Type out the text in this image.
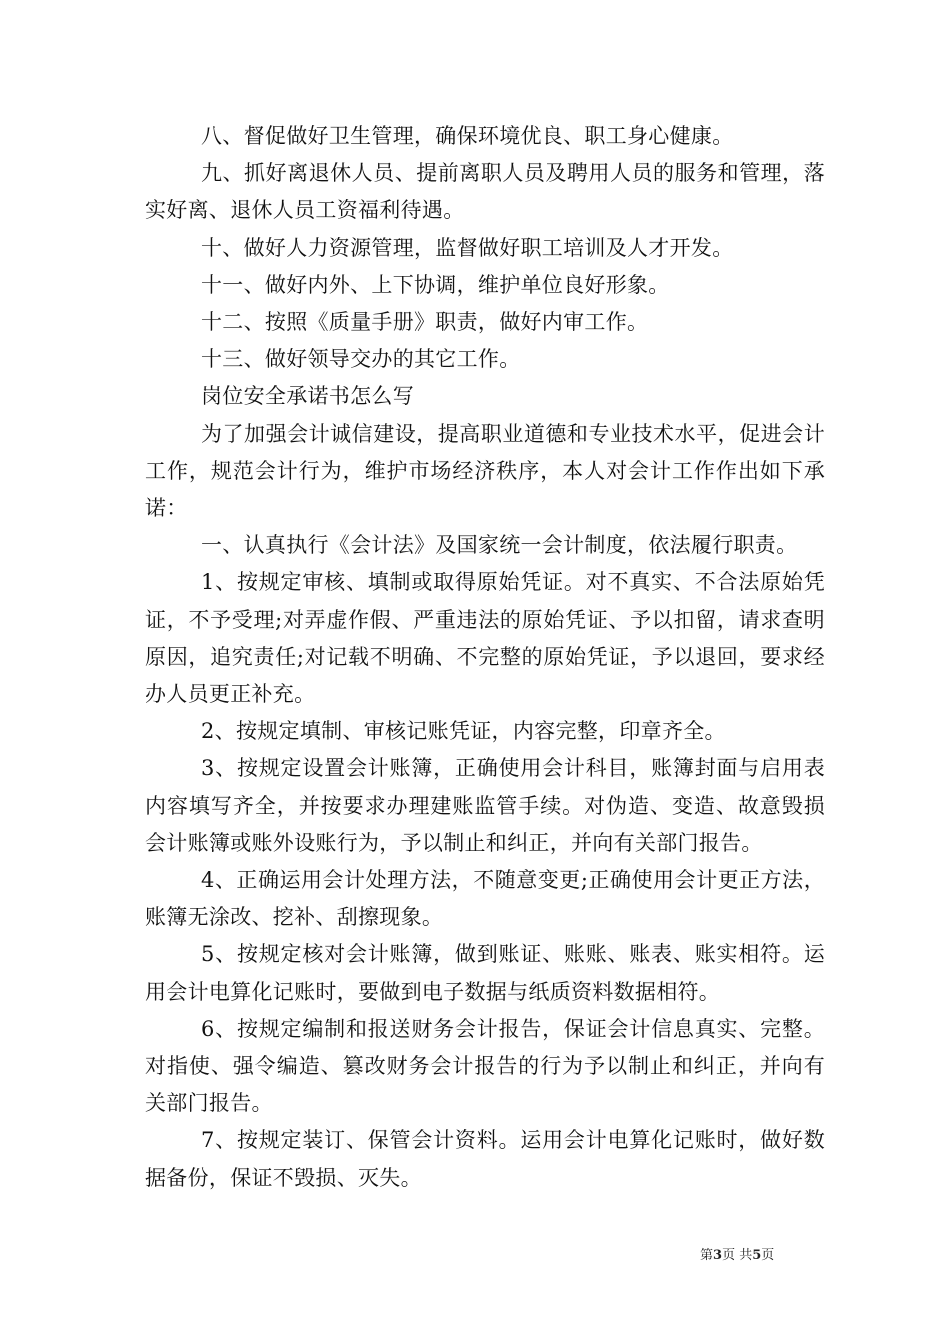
八、督促做好卫生管理，确保环境优良、职工身心健康。

九、抓好离退休人员、提前离职人员及聘用人员的服务和管理，落实好离、退休人员工资福利待遇。

十、做好人力资源管理，监督做好职工培训及人才开发。

十一、做好内外、上下协调，维护单位良好形象。

十二、按照《质量手册》职责，做好内审工作。

十三、做好领导交办的其它工作。

岗位安全承诺书怎么写

为了加强会计诚信建设，提高职业道德和专业技术水平，促进会计工作，规范会计行为，维护市场经济秩序，本人对会计工作作出如下承诺：

一、认真执行《会计法》及国家统一会计制度，依法履行职责。

1、按规定审核、填制或取得原始凭证。对不真实、不合法原始凭证，不予受理;对弄虚作假、严重违法的原始凭证、予以扣留，请求查明原因，追究责任;对记载不明确、不完整的原始凭证，予以退回，要求经办人员更正补充。

2、按规定填制、审核记账凭证，内容完整，印章齐全。

3、按规定设置会计账簿，正确使用会计科目，账簿封面与启用表内容填写齐全，并按要求办理建账监管手续。对伪造、变造、故意毁损会计账簿或账外设账行为，予以制止和纠正，并向有关部门报告。

4、正确运用会计处理方法，不随意变更;正确使用会计更正方法，账簿无涂改、挖补、刮擦现象。

5、按规定核对会计账簿，做到账证、账账、账表、账实相符。运用会计电算化记账时，要做到电子数据与纸质资料数据相符。

6、按规定编制和报送财务会计报告，保证会计信息真实、完整。对指使、强令编造、篡改财务会计报告的行为予以制止和纠正，并向有关部门报告。

7、按规定装订、保管会计资料。运用会计电算化记账时，做好数据备份，保证不毁损、灭失。

第3页 共5页
